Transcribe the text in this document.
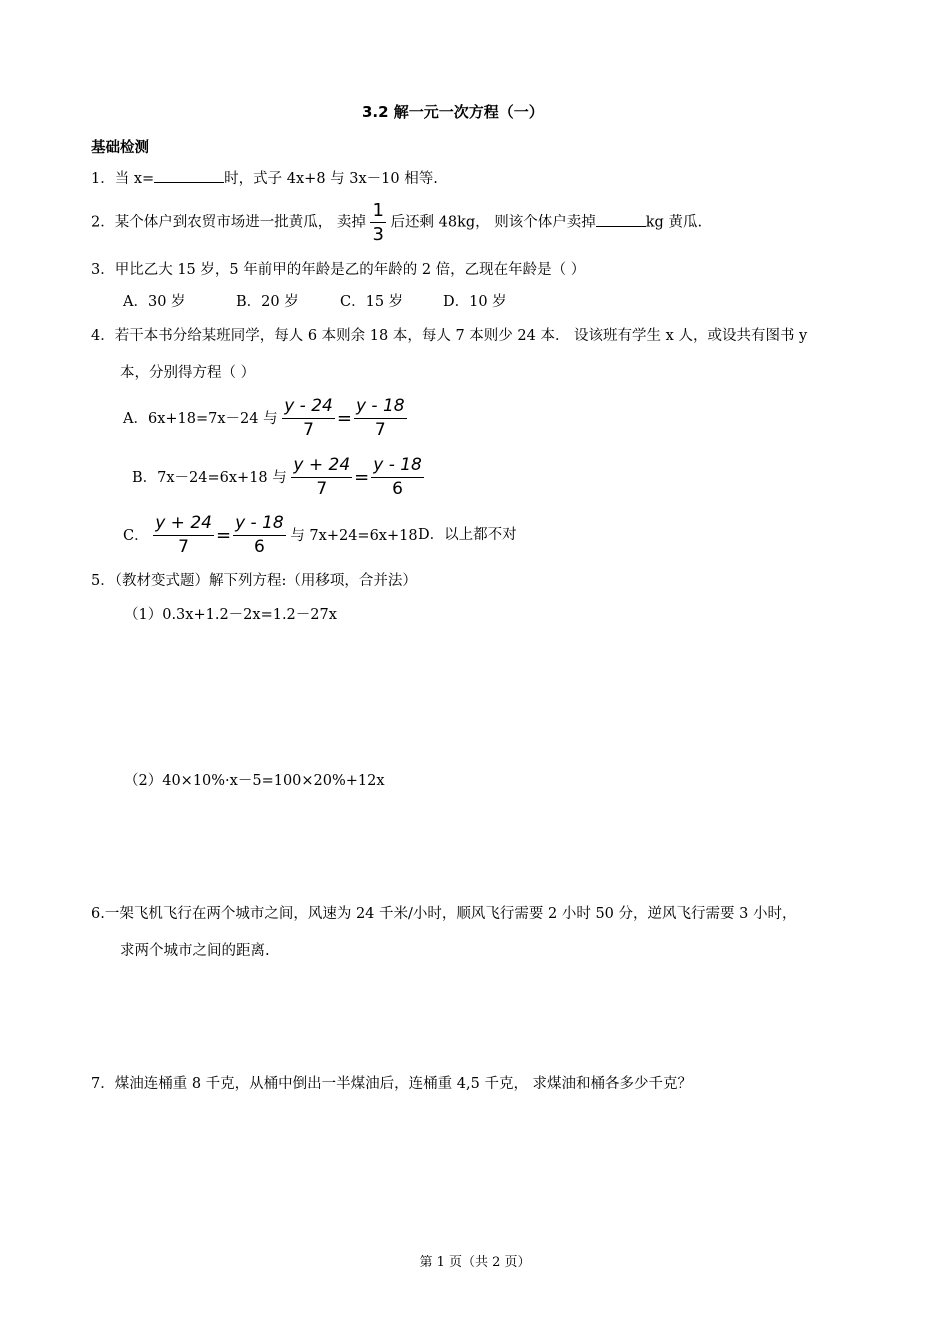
3.2 解一元一次方程（一）
基础检测
1．当 x=	时，式子 4x+8 与 3x－10 相等.
2．某个体户到农贸市场进一批黄瓜， 卖掉 $\frac{1}{3}$ 后还剩 48kg， 则该个体户卖掉	kg 黄瓜.
3．甲比乙大 15 岁，5 年前甲的年龄是乙的年龄的 2 倍，乙现在年龄是（ ）
A．30 岁	B．20 岁	C．15 岁	D．10 岁
4．若干本书分给某班同学，每人 6 本则余 18 本，每人 7 本则少 24 本． 设该班有学生 x 人，或设共有图书 y
本，分别得方程（ ）
A．6x+18=7x－24 与 $\frac{y - 24}{7} = \frac{y - 18}{7}$
B．7x－24=6x+18 与 $\frac{y + 24}{7} = \frac{y - 18}{6}$
C． $\frac{y + 24}{7} = \frac{y - 18}{6}$ 与 7x+24=6x+18 D．以上都不对
5．（教材变式题）解下列方程:（用移项，合并法）
（1）0.3x+1.2－2x=1.2－27x
（2）40×10%·x－5=100×20%+12x
6.一架飞机飞行在两个城市之间，风速为 24 千米/小时，顺风飞行需要 2 小时 50 分，逆风飞行需要 3 小时，
求两个城市之间的距离.
7．煤油连桶重 8 千克，从桶中倒出一半煤油后，连桶重 4,5 千克， 求煤油和桶各多少千克？
第 1 页（共 2 页）
